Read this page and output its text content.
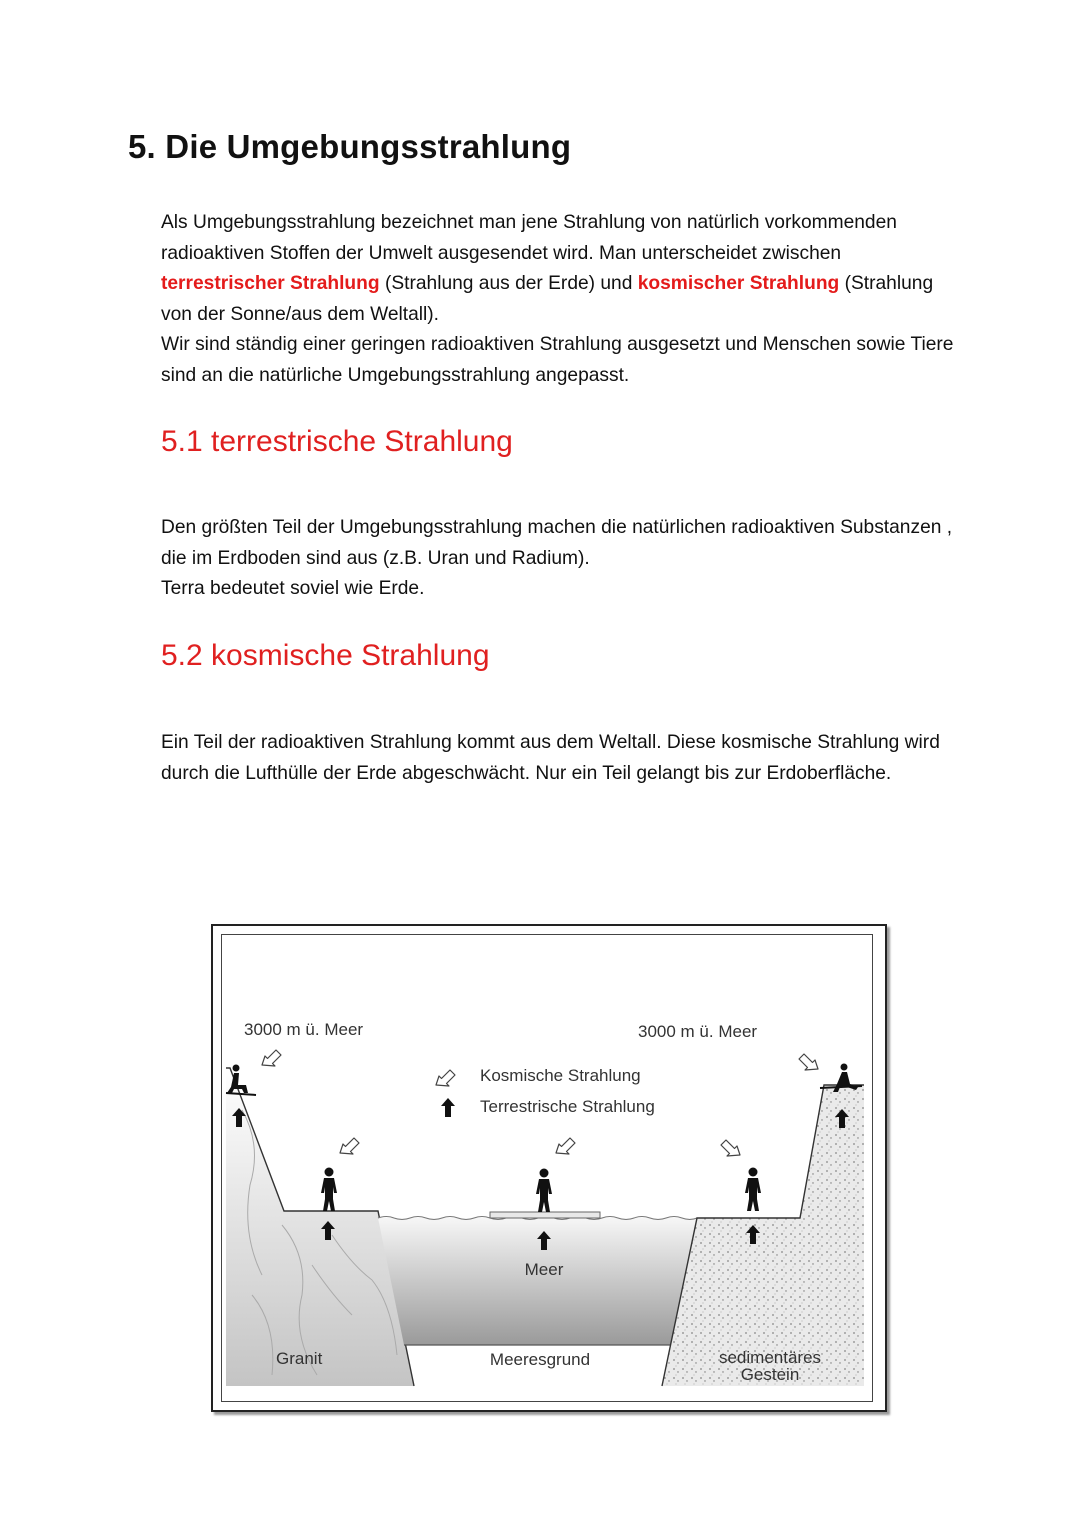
5. Die Umgebungsstrahlung
Als Umgebungsstrahlung bezeichnet man jene Strahlung von natürlich vorkommenden radioaktiven Stoffen der Umwelt ausgesendet wird. Man unterscheidet zwischen terrestrischer Strahlung (Strahlung aus der Erde) und kosmischer Strahlung (Strahlung von der Sonne/aus dem Weltall).
Wir sind ständig einer geringen radioaktiven Strahlung ausgesetzt und Menschen sowie Tiere sind an die natürliche Umgebungsstrahlung angepasst.
5.1 terrestrische Strahlung
Den größten Teil der Umgebungsstrahlung machen die natürlichen radioaktiven Substanzen , die im Erdboden sind aus (z.B. Uran und Radium).
Terra bedeutet soviel wie Erde.
5.2 kosmische Strahlung
Ein Teil der radioaktiven Strahlung kommt aus dem Weltall. Diese kosmische Strahlung wird durch die Lufthülle der Erde abgeschwächt. Nur ein Teil gelangt bis zur Erdoberfläche.
3000 m ü. Meer	3000 m ü. Meer
Kosmische Strahlung
Terrestrische Strahlung
Meer
Granit	Meeresgrund	sedimentäres
Gestein
